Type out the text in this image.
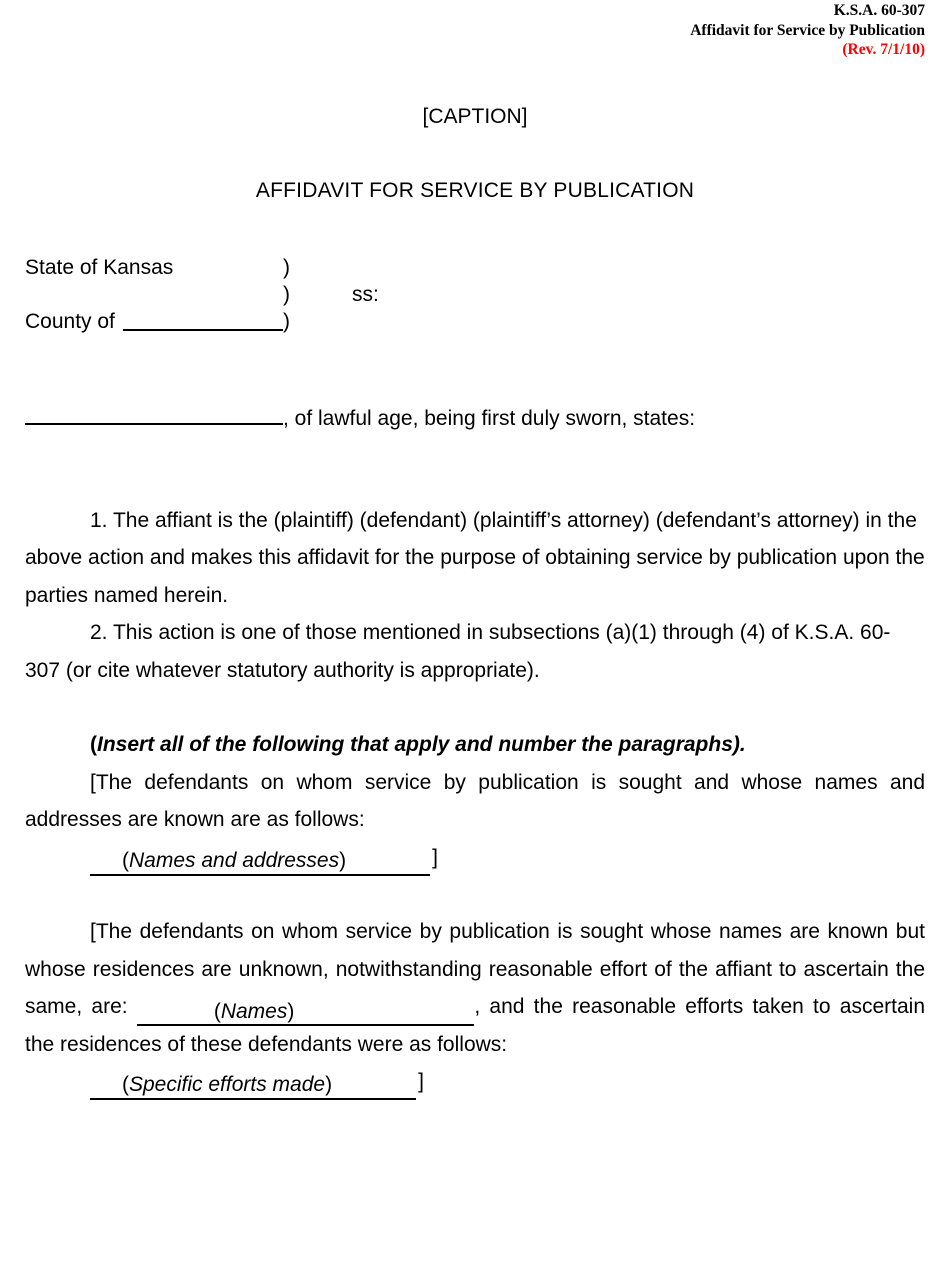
K.S.A. 60-307
Affidavit for Service by Publication
(Rev. 7/1/10)
[CAPTION]
AFFIDAVIT FOR SERVICE BY PUBLICATION
State of Kansas	)
)	ss:
County of	)
, of lawful age, being first duly sworn, states:

1. The affiant is the (plaintiff) (defendant) (plaintiff’s attorney) (defendant’s attorney) in the above action and makes this affidavit for the purpose of obtaining service by publication upon the parties named herein.

2. This action is one of those mentioned in subsections (a)(1) through (4) of K.S.A. 60-307 (or cite whatever statutory authority is appropriate).

(Insert all of the following that apply and number the paragraphs).

[The defendants on whom service by publication is sought and whose names and addresses are known are as follows:

(Names and addresses)	]

[The defendants on whom service by publication is sought whose names are known but whose residences are unknown, notwithstanding reasonable effort of the affiant to ascertain the same, are:	(Names)	, and the reasonable efforts taken to ascertain the residences of these defendants were as follows:

(Specific efforts made)	]
